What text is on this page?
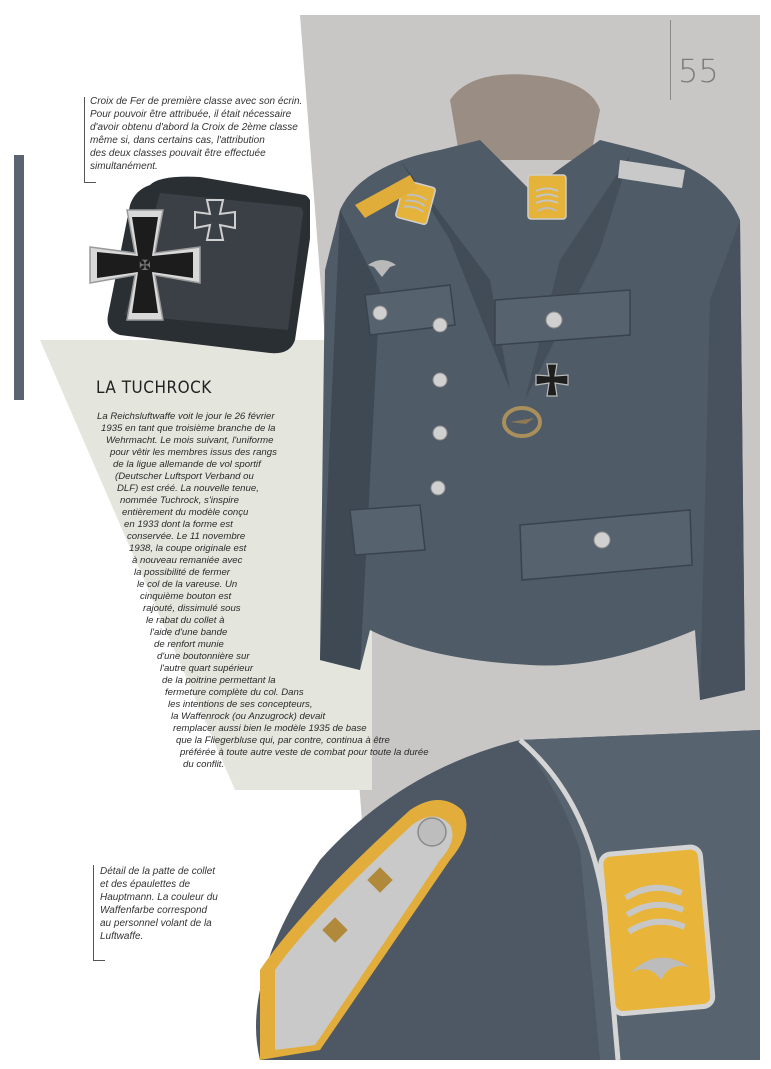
55
✠

Croix de Fer de première classe avec son écrin.

Pour pouvoir être attribuée, il était nécessaire

d'avoir obtenu d'abord la Croix de 2ème classe

même si, dans certains cas, l'attribution

des deux classes pouvait être effectuée

simultanément.

Détail de la patte de collet

et des épaulettes de

Hauptmann. La couleur du

Waffenfarbe correspond

au personnel volant de la

Luftwaffe.

LA TUCHROCK
La Reichsluftwaffe voit le jour le 26 février
1935 en tant que troisième branche de la
Wehrmacht. Le mois suivant, l'uniforme
pour vêtir les membres issus des rangs
de la ligue allemande de vol sportif
(Deutscher Luftsport Verband ou
DLF) est créé. La nouvelle tenue,
nommée Tuchrock, s'inspire
entièrement du modèle conçu
en 1933 dont la forme est
conservée. Le 11 novembre
1938, la coupe originale est
à nouveau remaniée avec
la possibilité de fermer
le col de la vareuse. Un
cinquième bouton est
rajouté, dissimulé sous
le rabat du collet à
l'aide d'une bande
de renfort munie
d'une boutonnière sur
l'autre quart supérieur
de la poitrine permettant la
fermeture complète du col. Dans
les intentions de ses concepteurs,
la Waffenrock (ou Anzugrock) devait
remplacer aussi bien le modèle 1935 de base
que la Fliegerbluse qui, par contre, continua à être
préférée à toute autre veste de combat pour toute la durée
du conflit.
